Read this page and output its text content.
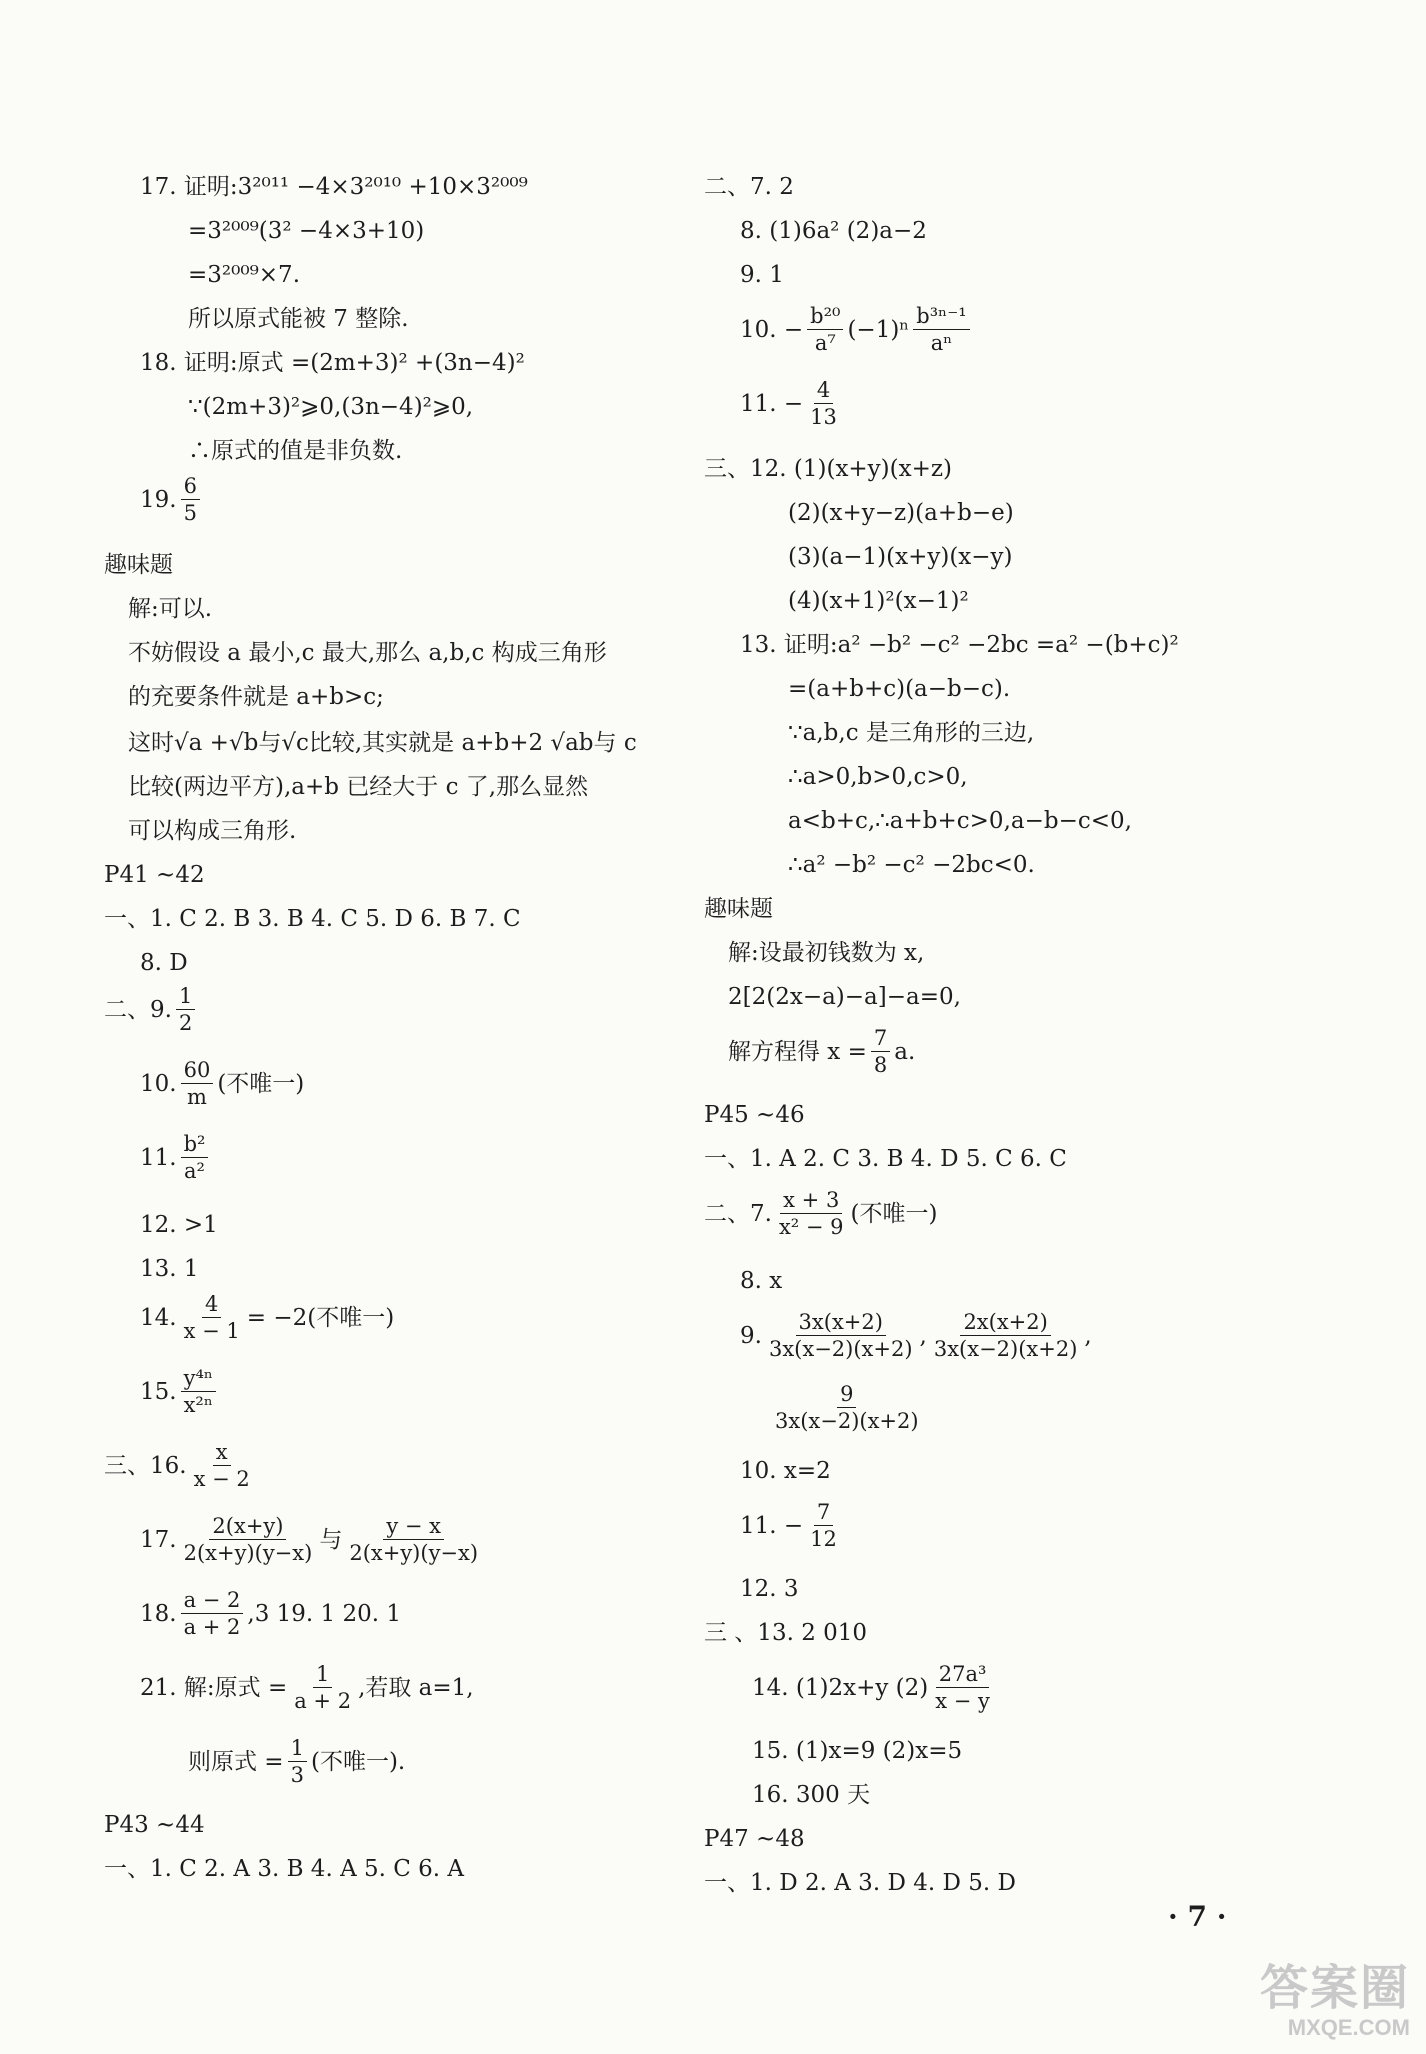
17. 证明:3²⁰¹¹ −4×3²⁰¹⁰ +10×3²⁰⁰⁹
=3²⁰⁰⁹(3² −4×3+10)
=3²⁰⁰⁹×7.
所以原式能被 7 整除.
18. 证明:原式 =(2m+3)² +(3n−4)²
∵(2m+3)²⩾0,(3n−4)²⩾0,
∴原式的值是非负数.
19. $\frac{6}{5}$
趣味题
解:可以.
不妨假设 a 最小,c 最大,那么 a,b,c 构成三角形
的充要条件就是 a+b>c;
这时√a +√b与√c比较,其实就是 a+b+2 √ab与 c
比较(两边平方),a+b 已经大于 c 了,那么显然
可以构成三角形.
P41 ~42
一、1. C 2. B 3. B 4. C 5. D 6. B 7. C
8. D
二、9. $\frac{1}{2}$
10. $\frac{60}{m}$ (不唯一)
11. $\frac{\text{b²}}{\text{a²}}$
12. >1
13. 1
14. $\frac{4}{x - 1} = -2$(不唯一)
15. $\frac{\text{y⁴ⁿ}}{\text{x²ⁿ}}$
三、16. $\frac{x}{x - 2}$
17. $\frac{2(x+y)}{2(x+y)(y-x)}$ 与 $\frac{y - x}{2(x+y)(y-x)}$
18. $\frac{a - 2}{a + 2} ,3$ 19. 1 20. 1
21. 解:原式 = $\frac{1}{a + 2}$ ,若取 a=1,
则原式 = $\frac{1}{3}$ (不唯一).
P43 ~44
一、1. C 2. A 3. B 4. A 5. C 6. A
二、7. 2
8. (1)6a² (2)a−2
9. 1
10. − $\frac{\text{b²⁰}}{\text{a⁷}} (-1)^n \frac{\text{b³ⁿ⁻¹}}{\text{aⁿ}}$
11. − $\frac{4}{13}$
三、12. (1)(x+y)(x+z)
(2)(x+y−z)(a+b−e)
(3)(a−1)(x+y)(x−y)
(4)(x+1)²(x−1)²
13. 证明:a² −b² −c² −2bc =a² −(b+c)²
=(a+b+c)(a−b−c).
∵a,b,c 是三角形的三边,
∴a>0,b>0,c>0,
a<b+c,∴a+b+c>0,a−b−c<0,
∴a² −b² −c² −2bc<0.
趣味题
解:设最初钱数为 x,
2[2(2x−a)−a]−a=0,
解方程得 $x = \frac{7}{8} a$.
P45 ~46
一、1. A 2. C 3. B 4. D 5. C 6. C
二、7. $\frac{x + 3}{\text{x² − 9}}$ (不唯一)
8. x
9. $\frac{3x(x+2)}{3x(x-2)(x+2)}$ , $\frac{2x(x+2)}{3x(x-2)(x+2)}$ ,
$\frac{9}{3x(x-2)(x+2)}$
10. x=2
11. − $\frac{7}{12}$
12. 3
三 、13. 2 010
14. (1)2x+y $(2) \frac{\text{27a³}}{x - y}$
15. (1)x=9 (2)x=5
16. 300 天
P47 ~48
一、1. D 2. A 3. D 4. D 5. D
· 7 ·
答案圈
MXQE.COM
